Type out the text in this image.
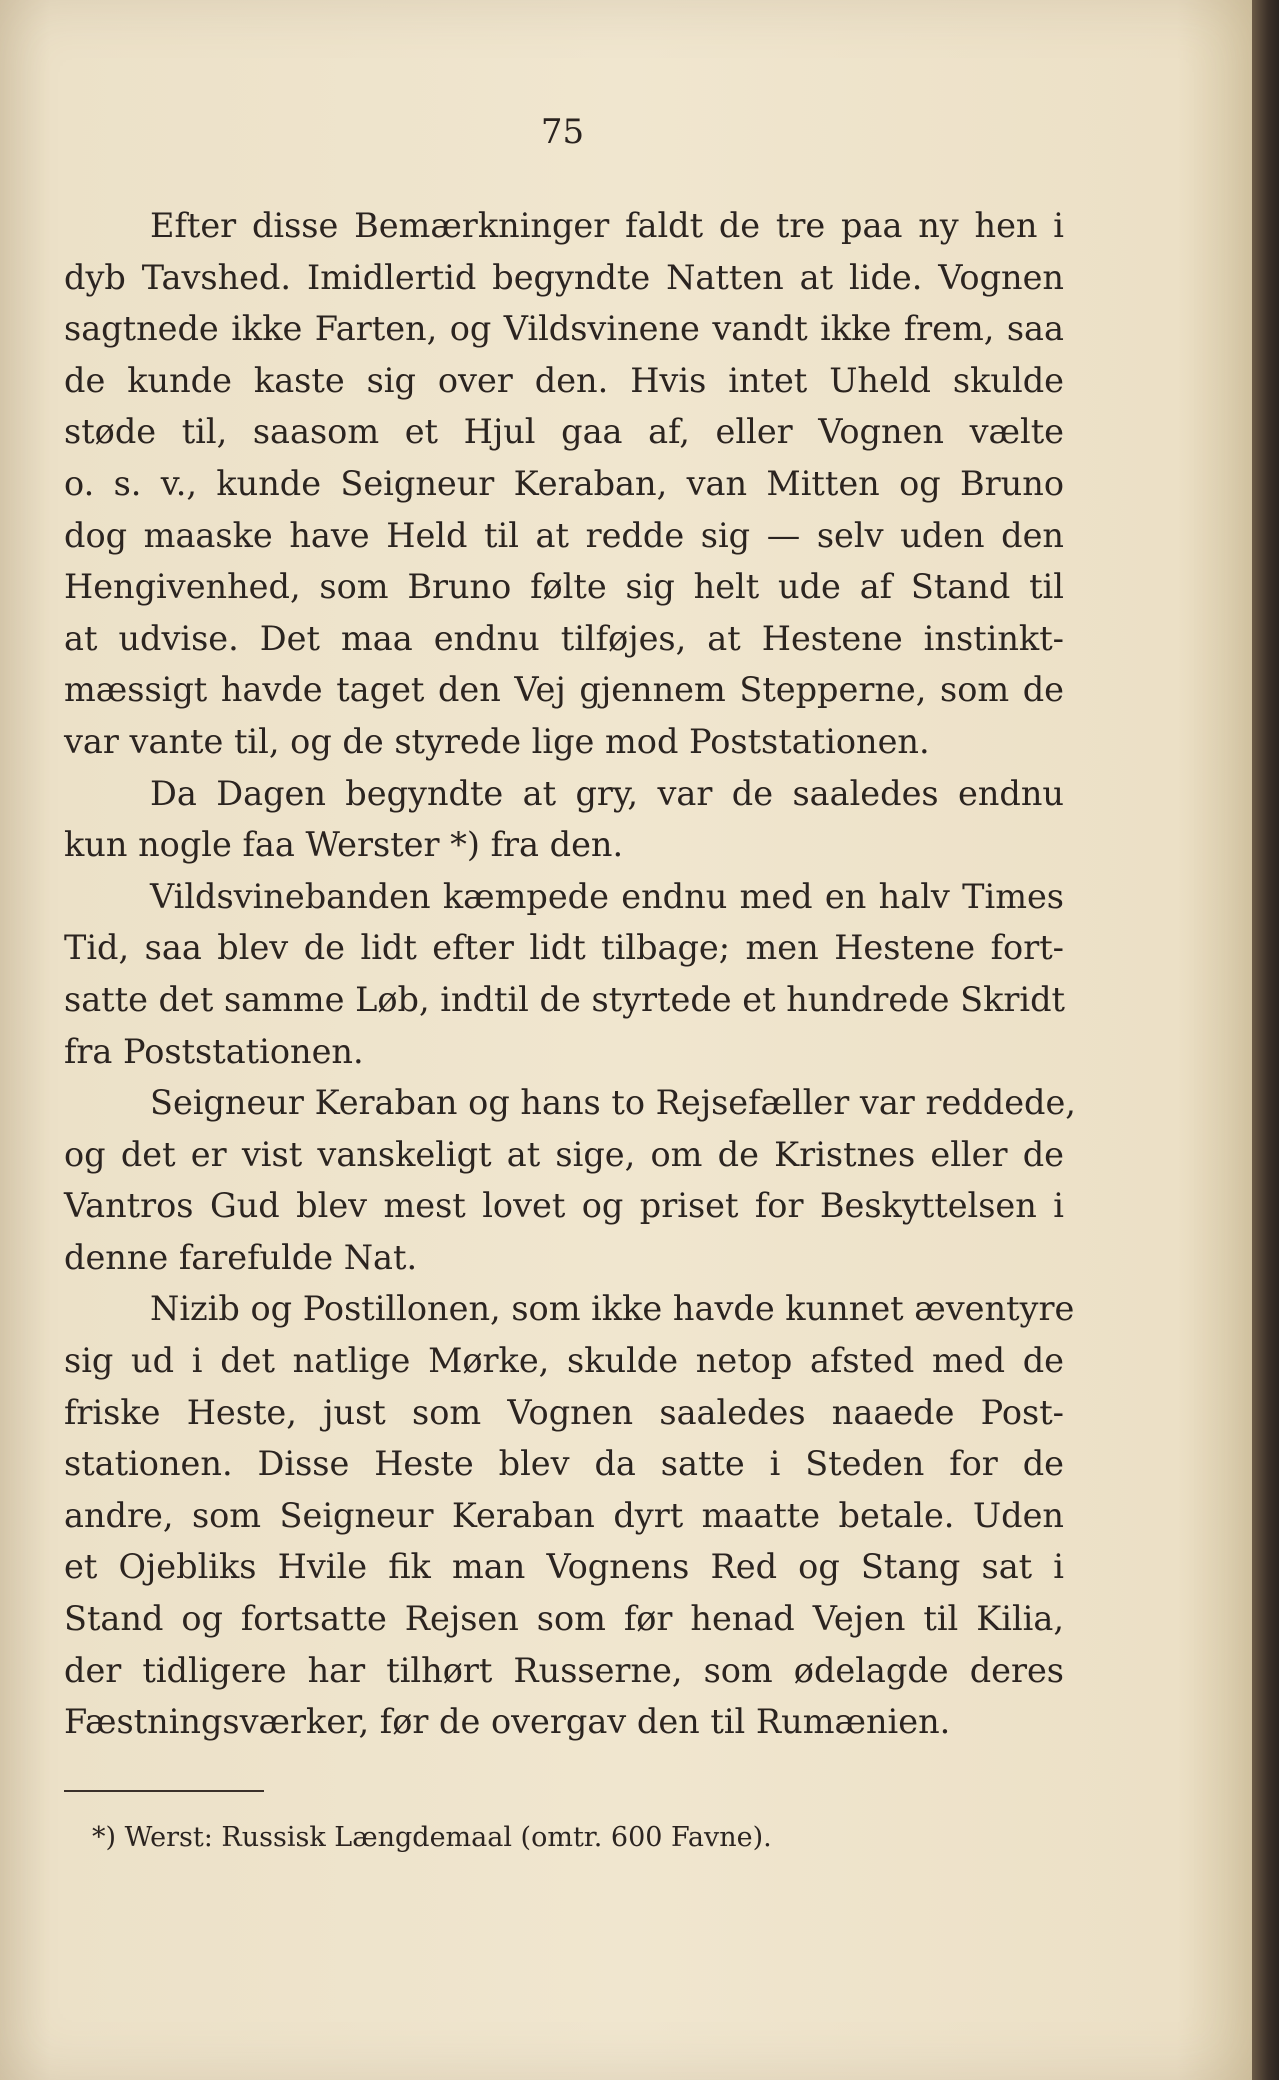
75
Efter disse Bemærkninger faldt de tre paa ny hen i
dyb Tavshed. Imidlertid begyndte Natten at lide. Vognen
sagtnede ikke Farten, og Vildsvinene vandt ikke frem, saa
de kunde kaste sig over den. Hvis intet Uheld skulde
støde til, saasom et Hjul gaa af, eller Vognen vælte
o. s. v., kunde Seigneur Keraban, van Mitten og Bruno
dog maaske have Held til at redde sig — selv uden den
Hengivenhed, som Bruno følte sig helt ude af Stand til
at udvise. Det maa endnu tilføjes, at Hestene instinkt-
mæssigt havde taget den Vej gjennem Stepperne, som de
var vante til, og de styrede lige mod Poststationen.
Da Dagen begyndte at gry, var de saaledes endnu
kun nogle faa Werster *) fra den.
Vildsvinebanden kæmpede endnu med en halv Times
Tid, saa blev de lidt efter lidt tilbage; men Hestene fort-
satte det samme Løb, indtil de styrtede et hundrede Skridt
fra Poststationen.
Seigneur Keraban og hans to Rejsefæller var reddede,
og det er vist vanskeligt at sige, om de Kristnes eller de
Vantros Gud blev mest lovet og priset for Beskyttelsen i
denne farefulde Nat.
Nizib og Postillonen, som ikke havde kunnet æventyre
sig ud i det natlige Mørke, skulde netop afsted med de
friske Heste, just som Vognen saaledes naaede Post-
stationen. Disse Heste blev da satte i Steden for de
andre, som Seigneur Keraban dyrt maatte betale. Uden
et Ojebliks Hvile fik man Vognens Red og Stang sat i
Stand og fortsatte Rejsen som før henad Vejen til Kilia,
der tidligere har tilhørt Russerne, som ødelagde deres
Fæstningsværker, før de overgav den til Rumænien.
*) Werst: Russisk Længdemaal (omtr. 600 Favne).
